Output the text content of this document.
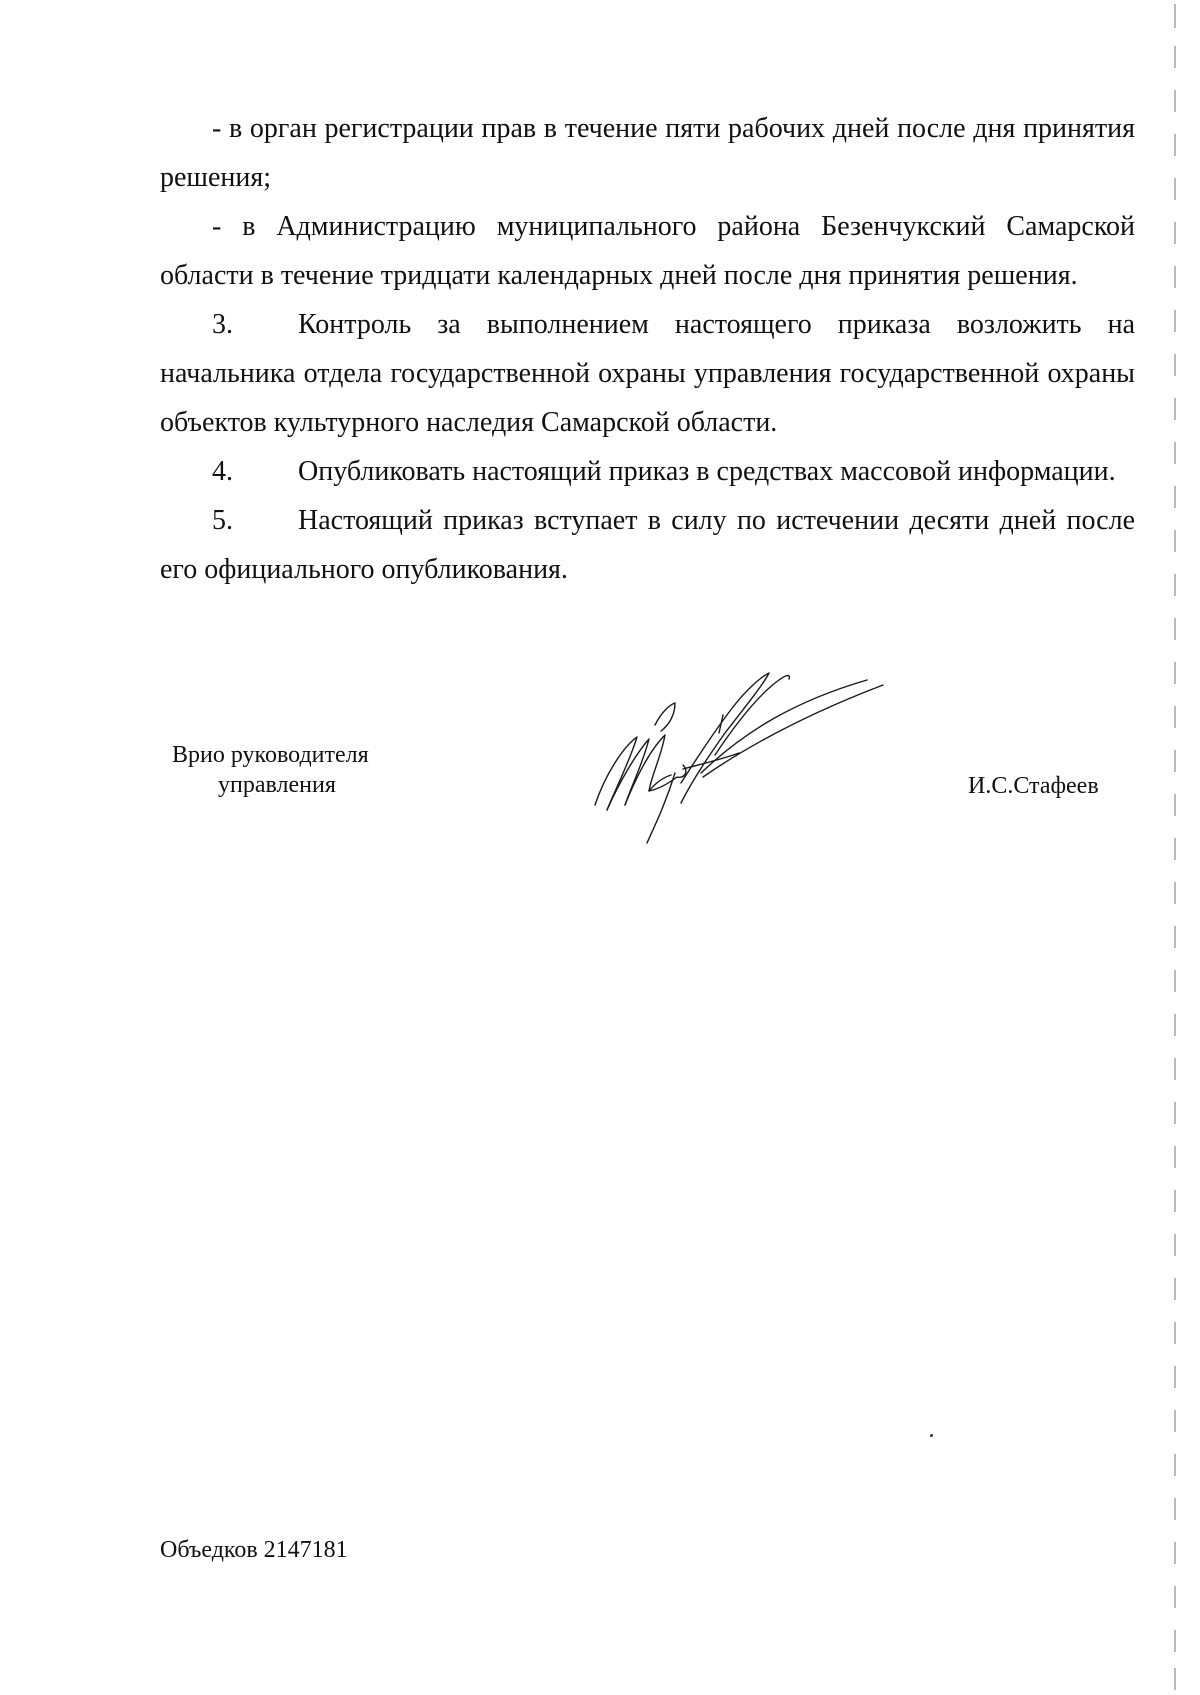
- в орган регистрации прав в течение пяти рабочих дней после дня принятия решения;

- в Администрацию муниципального района Безенчукский Самарской области в течение тридцати календарных дней после дня принятия решения.

3. Контроль за выполнением настоящего приказа возложить на начальника отдела государственной охраны управления государственной охраны объектов культурного наследия Самарской области.

4. Опубликовать настоящий приказ в средствах массовой информации.

5. Настоящий приказ вступает в силу по истечении десяти дней после его официального опубликования.

Врио руководителя
управления	И.С.Стафеев
Объедков 2147181
